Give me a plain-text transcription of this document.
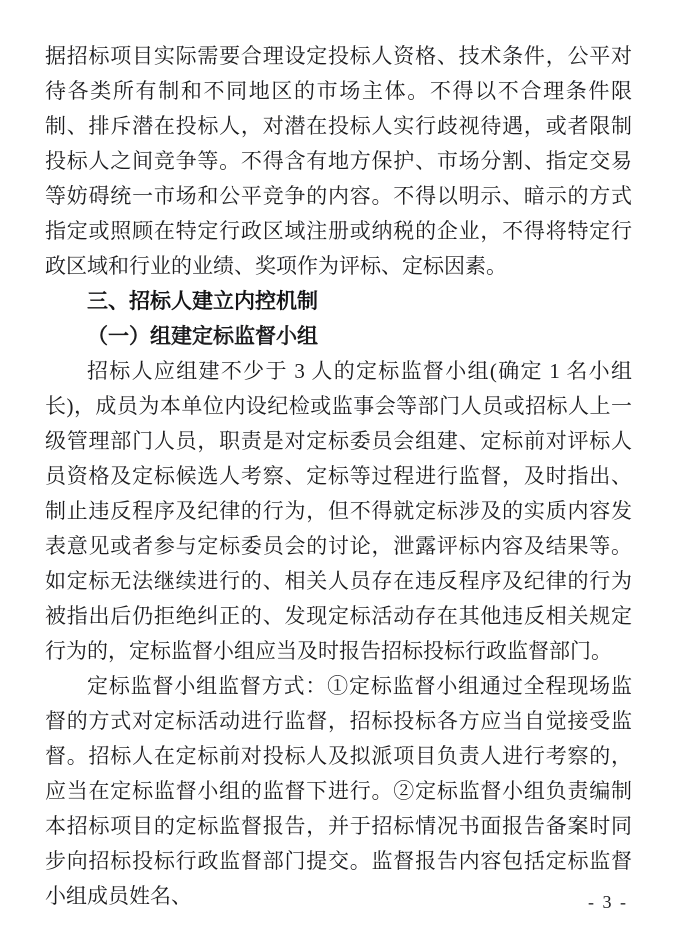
据招标项目实际需要合理设定投标人资格、技术条件，公平对待各类所有制和不同地区的市场主体。不得以不合理条件限制、排斥潜在投标人，对潜在投标人实行歧视待遇，或者限制投标人之间竞争等。不得含有地方保护、市场分割、指定交易等妨碍统一市场和公平竞争的内容。不得以明示、暗示的方式指定或照顾在特定行政区域注册或纳税的企业，不得将特定行政区域和行业的业绩、奖项作为评标、定标因素。

三、招标人建立内控机制
（一）组建定标监督小组

招标人应组建不少于 3 人的定标监督小组(确定 1 名小组长)，成员为本单位内设纪检或监事会等部门人员或招标人上一级管理部门人员，职责是对定标委员会组建、定标前对评标人员资格及定标候选人考察、定标等过程进行监督，及时指出、制止违反程序及纪律的行为，但不得就定标涉及的实质内容发表意见或者参与定标委员会的讨论，泄露评标内容及结果等。如定标无法继续进行的、相关人员存在违反程序及纪律的行为被指出后仍拒绝纠正的、发现定标活动存在其他违反相关规定行为的，定标监督小组应当及时报告招标投标行政监督部门。

定标监督小组监督方式：①定标监督小组通过全程现场监督的方式对定标活动进行监督，招标投标各方应当自觉接受监督。招标人在定标前对投标人及拟派项目负责人进行考察的，应当在定标监督小组的监督下进行。②定标监督小组负责编制本招标项目的定标监督报告，并于招标情况书面报告备案时同步向招标投标行政监督部门提交。监督报告内容包括定标监督小组成员姓名、	- 3 -
